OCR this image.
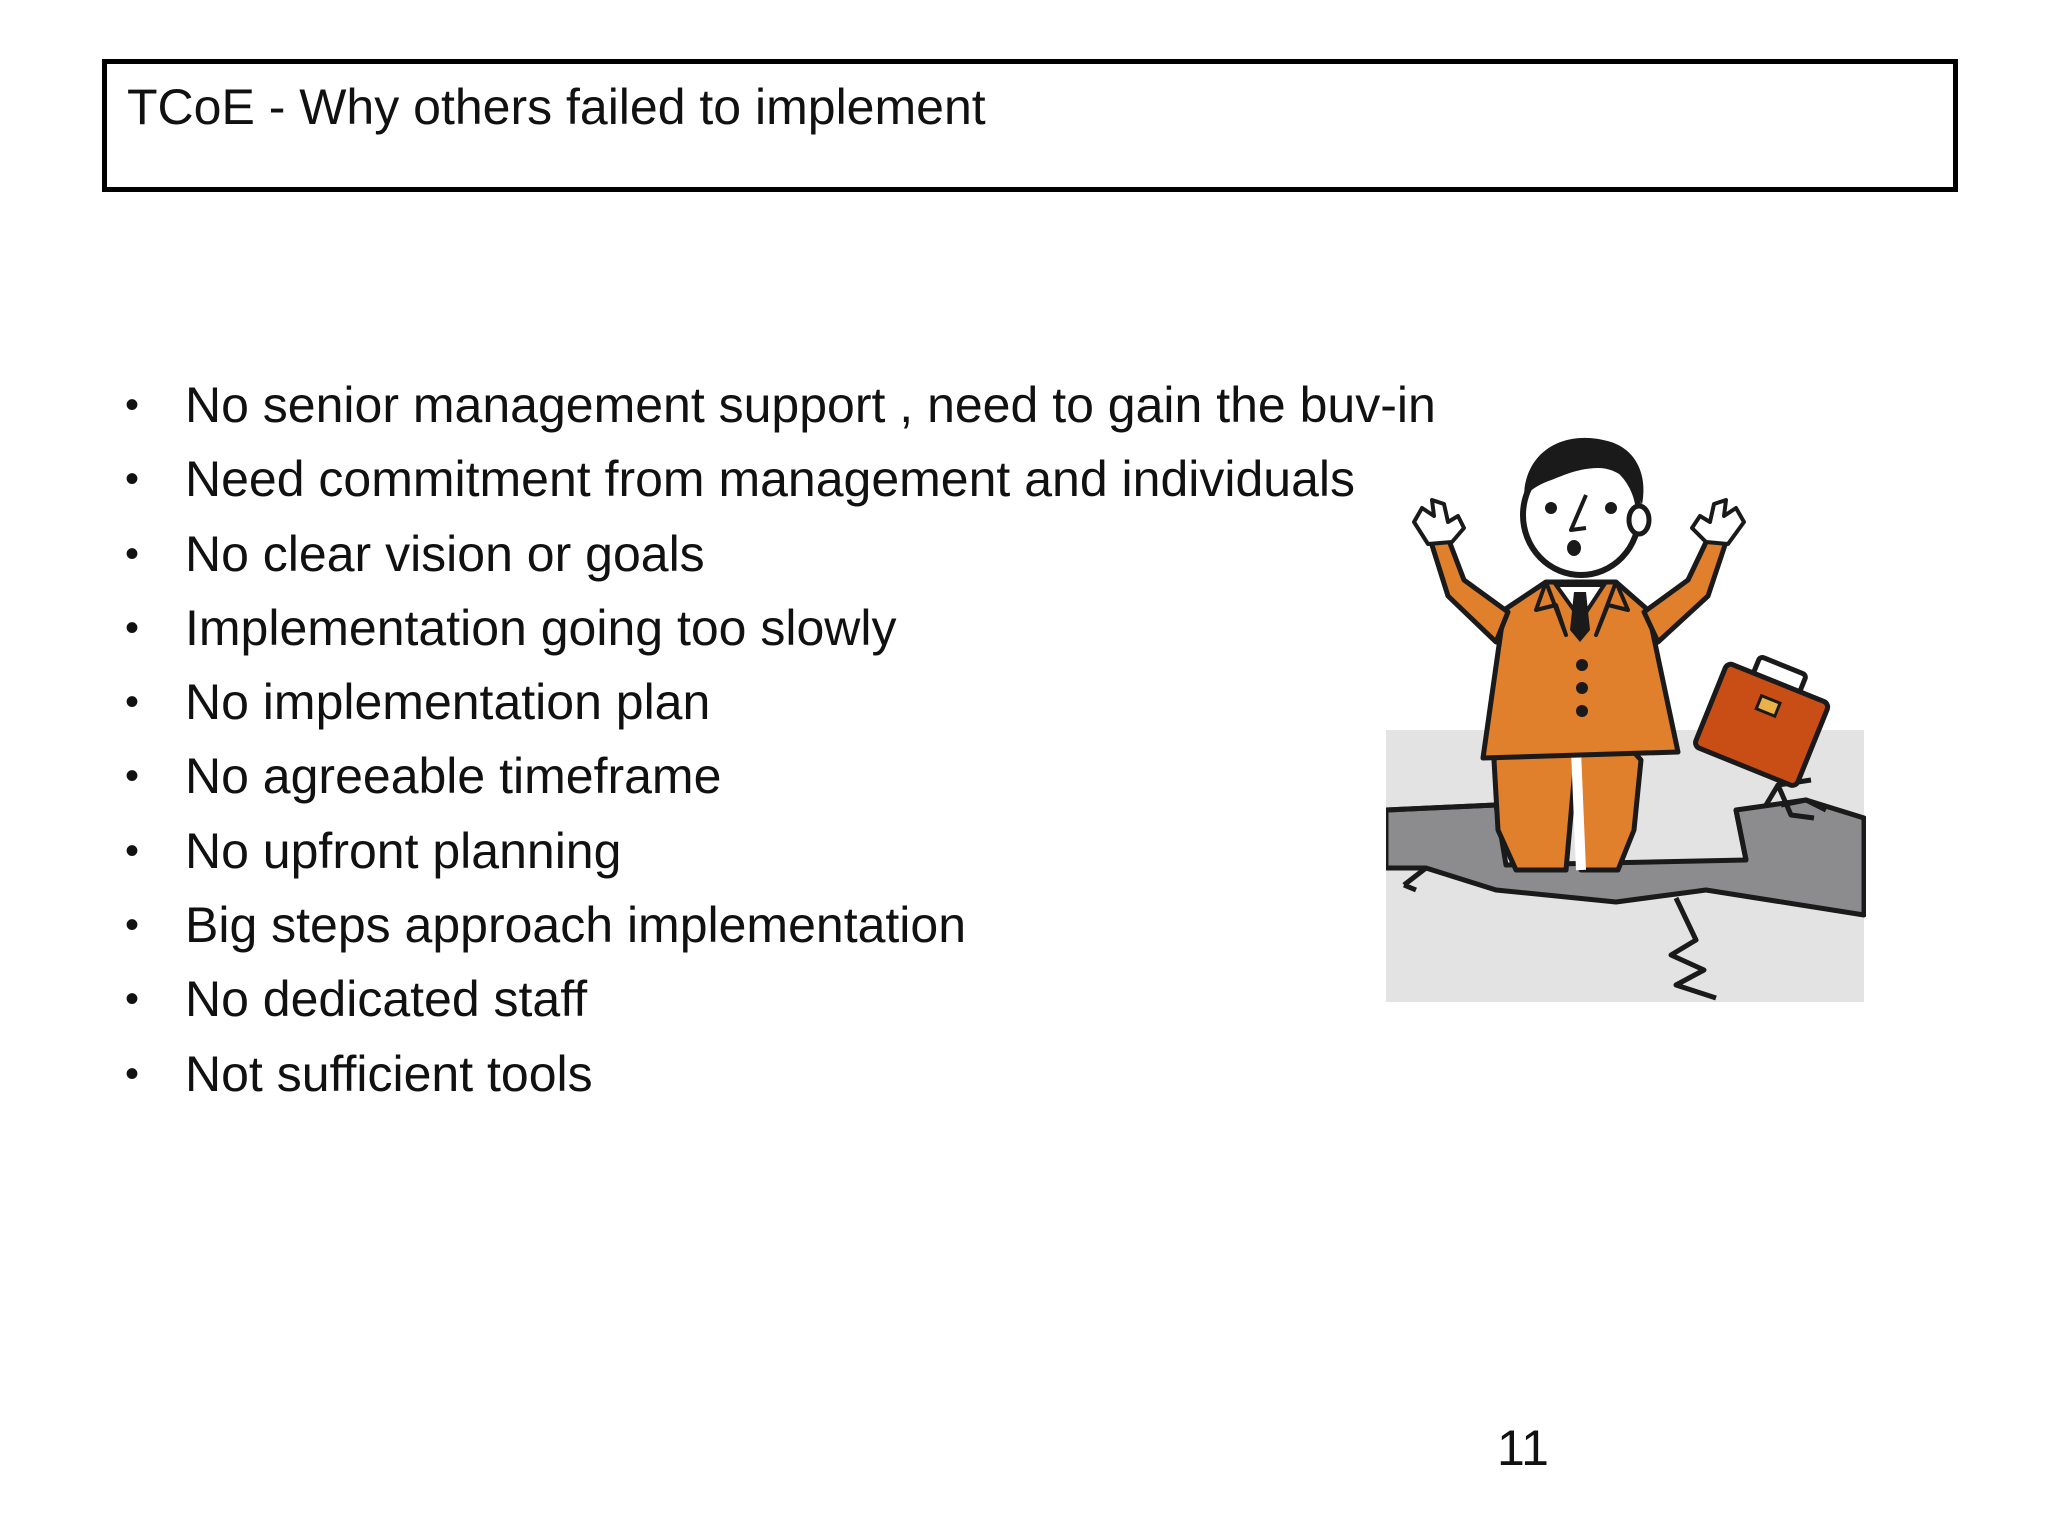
TCoE - Why others failed to implement
• No senior management support , need to gain the buv-in
• Need commitment from management and individuals
• No clear vision or goals
• Implementation going too slowly
• No implementation plan
• No agreeable timeframe
• No upfront planning
• Big steps approach implementation
• No dedicated staff
• Not sufficient tools
11
